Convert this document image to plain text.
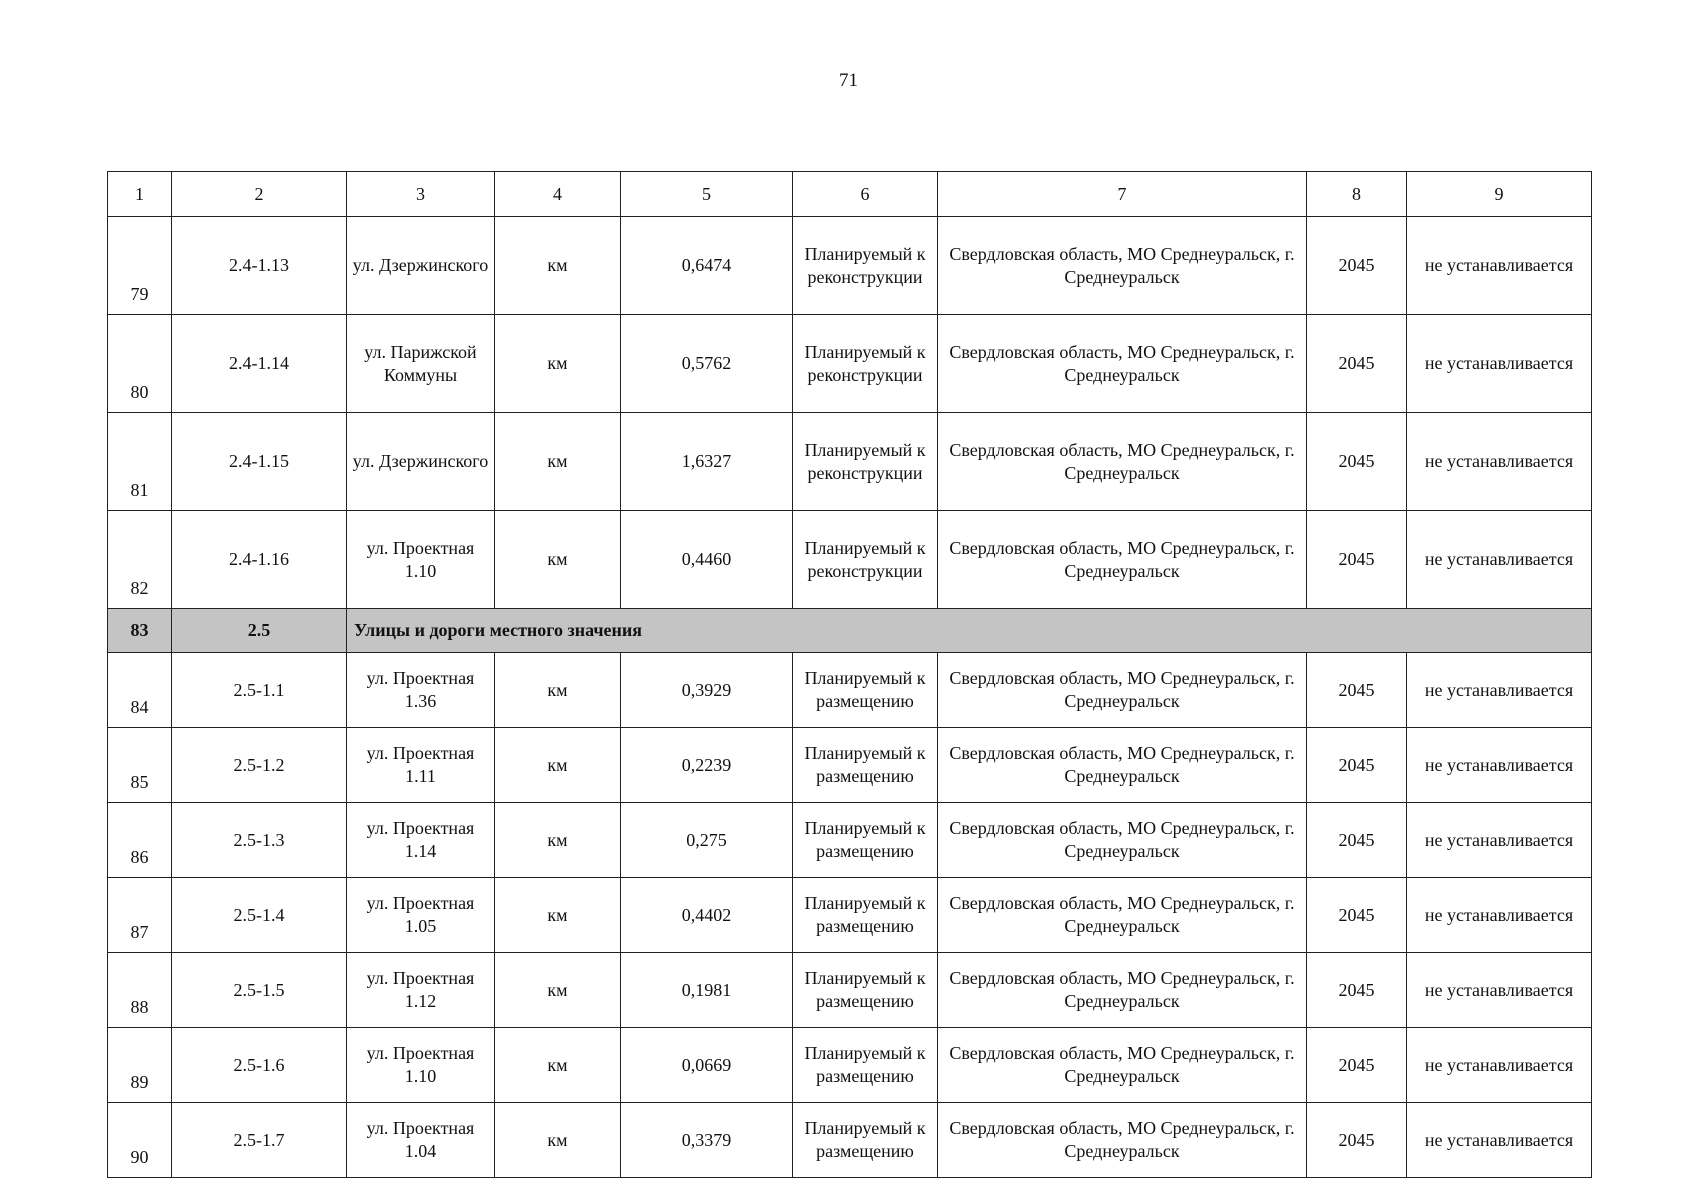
71
1	2	3	4	5	6	7	8	9
79	2.4-1.13	ул. Дзержинского	км	0,6474	Планируемый к реконструкции	Свердловская область, МО Среднеуральск, г. Среднеуральск	2045	не устанавливается
80	2.4-1.14	ул. Парижской Коммуны	км	0,5762	Планируемый к реконструкции	Свердловская область, МО Среднеуральск, г. Среднеуральск	2045	не устанавливается
81	2.4-1.15	ул. Дзержинского	км	1,6327	Планируемый к реконструкции	Свердловская область, МО Среднеуральск, г. Среднеуральск	2045	не устанавливается
82	2.4-1.16	ул. Проектная 1.10	км	0,4460	Планируемый к реконструкции	Свердловская область, МО Среднеуральск, г. Среднеуральск	2045	не устанавливается
83	2.5	Улицы и дороги местного значения						
84	2.5-1.1	ул. Проектная 1.36	км	0,3929	Планируемый к размещению	Свердловская область, МО Среднеуральск, г. Среднеуральск	2045	не устанавливается
85	2.5-1.2	ул. Проектная 1.11	км	0,2239	Планируемый к размещению	Свердловская область, МО Среднеуральск, г. Среднеуральск	2045	не устанавливается
86	2.5-1.3	ул. Проектная 1.14	км	0,275	Планируемый к размещению	Свердловская область, МО Среднеуральск, г. Среднеуральск	2045	не устанавливается
87	2.5-1.4	ул. Проектная 1.05	км	0,4402	Планируемый к размещению	Свердловская область, МО Среднеуральск, г. Среднеуральск	2045	не устанавливается
88	2.5-1.5	ул. Проектная 1.12	км	0,1981	Планируемый к размещению	Свердловская область, МО Среднеуральск, г. Среднеуральск	2045	не устанавливается
89	2.5-1.6	ул. Проектная 1.10	км	0,0669	Планируемый к размещению	Свердловская область, МО Среднеуральск, г. Среднеуральск	2045	не устанавливается
90	2.5-1.7	ул. Проектная 1.04	км	0,3379	Планируемый к размещению	Свердловская область, МО Среднеуральск, г. Среднеуральск	2045	не устанавливается
